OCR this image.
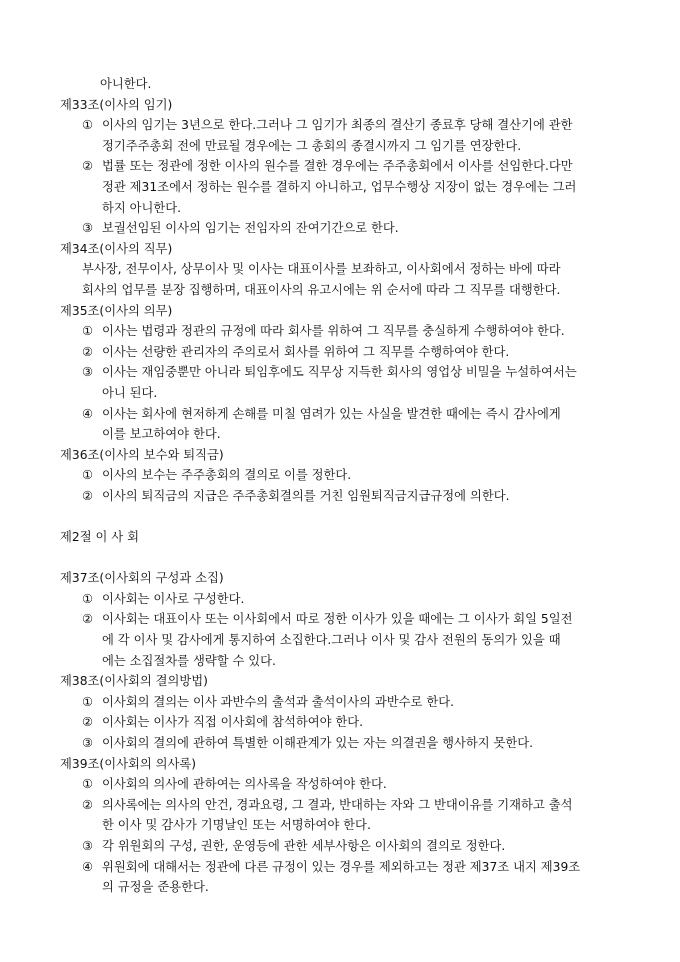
아니한다.
제33조(이사의 임기)
① 이사의 임기는 3년으로 한다.그러나 그 임기가 최종의 결산기 종료후 당해 결산기에 관한
정기주주총회 전에 만료될 경우에는 그 총회의 종결시까지 그 임기를 연장한다.
② 법률 또는 정관에 정한 이사의 원수를 결한 경우에는 주주총회에서 이사를 선임한다.다만
정관 제31조에서 정하는 원수를 결하지 아니하고, 업무수행상 지장이 없는 경우에는 그러
하지 아니한다.
③ 보궐선임된 이사의 임기는 전임자의 잔여기간으로 한다.
제34조(이사의 직무)
부사장, 전무이사, 상무이사 및 이사는 대표이사를 보좌하고, 이사회에서 정하는 바에 따라
회사의 업무를 분장 집행하며, 대표이사의 유고시에는 위 순서에 따라 그 직무를 대행한다.
제35조(이사의 의무)
① 이사는 법령과 정관의 규정에 따라 회사를 위하여 그 직무를 충실하게 수행하여야 한다.
② 이사는 선량한 관리자의 주의로서 회사를 위하여 그 직무를 수행하여야 한다.
③ 이사는 재임중뿐만 아니라 퇴임후에도 직무상 지득한 회사의 영업상 비밀을 누설하여서는
아니 된다.
④ 이사는 회사에 현저하게 손해를 미칠 염려가 있는 사실을 발견한 때에는 즉시 감사에게
이를 보고하여야 한다.
제36조(이사의 보수와 퇴직금)
① 이사의 보수는 주주총회의 결의로 이를 정한다.
② 이사의 퇴직금의 지급은 주주총회결의를 거친 임원퇴직금지급규정에 의한다.
제2절 이 사 회
제37조(이사회의 구성과 소집)
① 이사회는 이사로 구성한다.
② 이사회는 대표이사 또는 이사회에서 따로 정한 이사가 있을 때에는 그 이사가 회일 5일전
에 각 이사 및 감사에게 통지하여 소집한다.그러나 이사 및 감사 전원의 동의가 있을 때
에는 소집절차를 생략할 수 있다.
제38조(이사회의 결의방법)
① 이사회의 결의는 이사 과반수의 출석과 출석이사의 과반수로 한다.
② 이사회는 이사가 직접 이사회에 참석하여야 한다.
③ 이사회의 결의에 관하여 특별한 이해관계가 있는 자는 의결권을 행사하지 못한다.
제39조(이사회의 의사록)
① 이사회의 의사에 관하여는 의사록을 작성하여야 한다.
② 의사록에는 의사의 안건, 경과요령, 그 결과, 반대하는 자와 그 반대이유를 기재하고 출석
한 이사 및 감사가 기명날인 또는 서명하여야 한다.
③ 각 위원회의 구성, 권한, 운영등에 관한 세부사항은 이사회의 결의로 정한다.
④ 위원회에 대해서는 정관에 다른 규정이 있는 경우를 제외하고는 정관 제37조 내지 제39조
의 규정을 준용한다.
